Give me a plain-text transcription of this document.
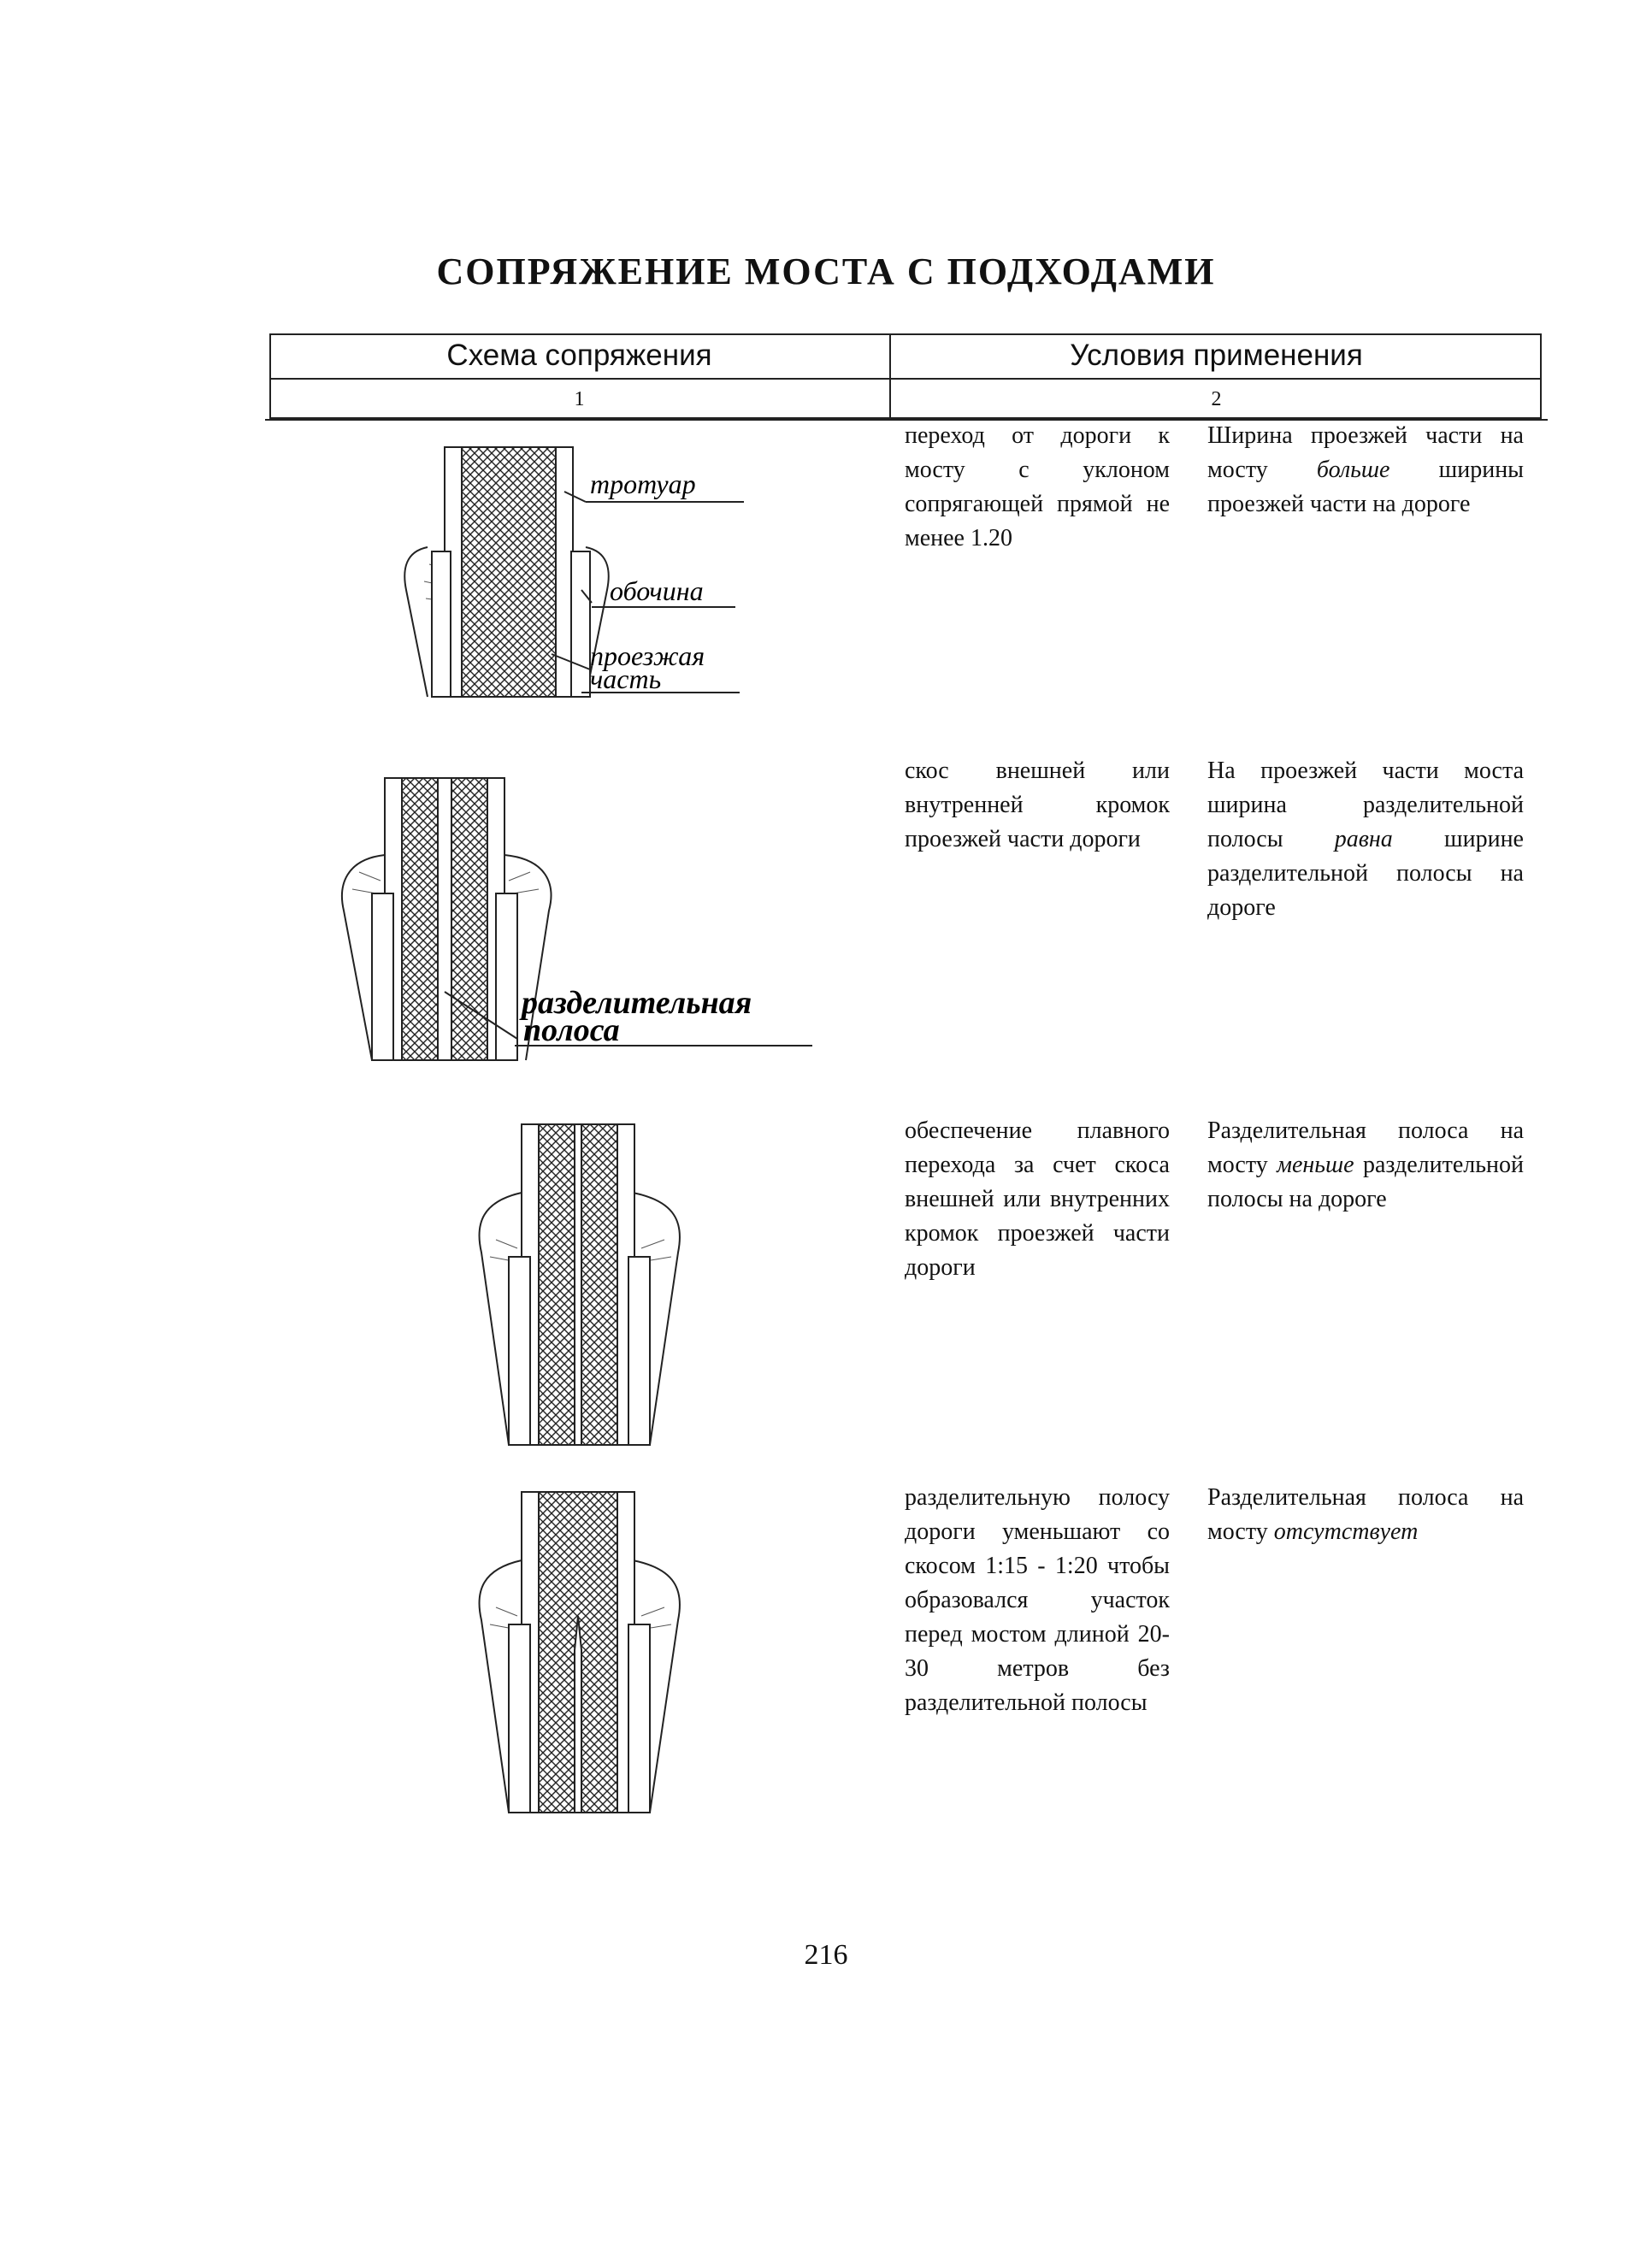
СОПРЯЖЕНИЕ МОСТА С ПОДХОДАМИ
Схема сопряжения	Условия применения
1	2
тротуар
обочина
проезжая
часть
разделительная
полоса
переход от дороги к мосту с уклоном сопрягающей прямой не менее 1.20
Ширина проезжей части на мосту больше ширины проезжей части на дороге
скос внешней или внутренней кромок проезжей части дороги
На проезжей части моста ширина разделительной полосы равна ширине разделительной полосы на дороге
обеспечение плавного перехода за счет скоса внешней или внутренних кромок проезжей части дороги
Разделительная полоса на мосту меньше разделительной полосы на дороге
разделительную полосу дороги уменьшают со скосом 1:15 - 1:20 чтобы образовался участок перед мостом длиной 20-30 метров без разделительной полосы
Разделительная полоса на мосту отсутствует
216
